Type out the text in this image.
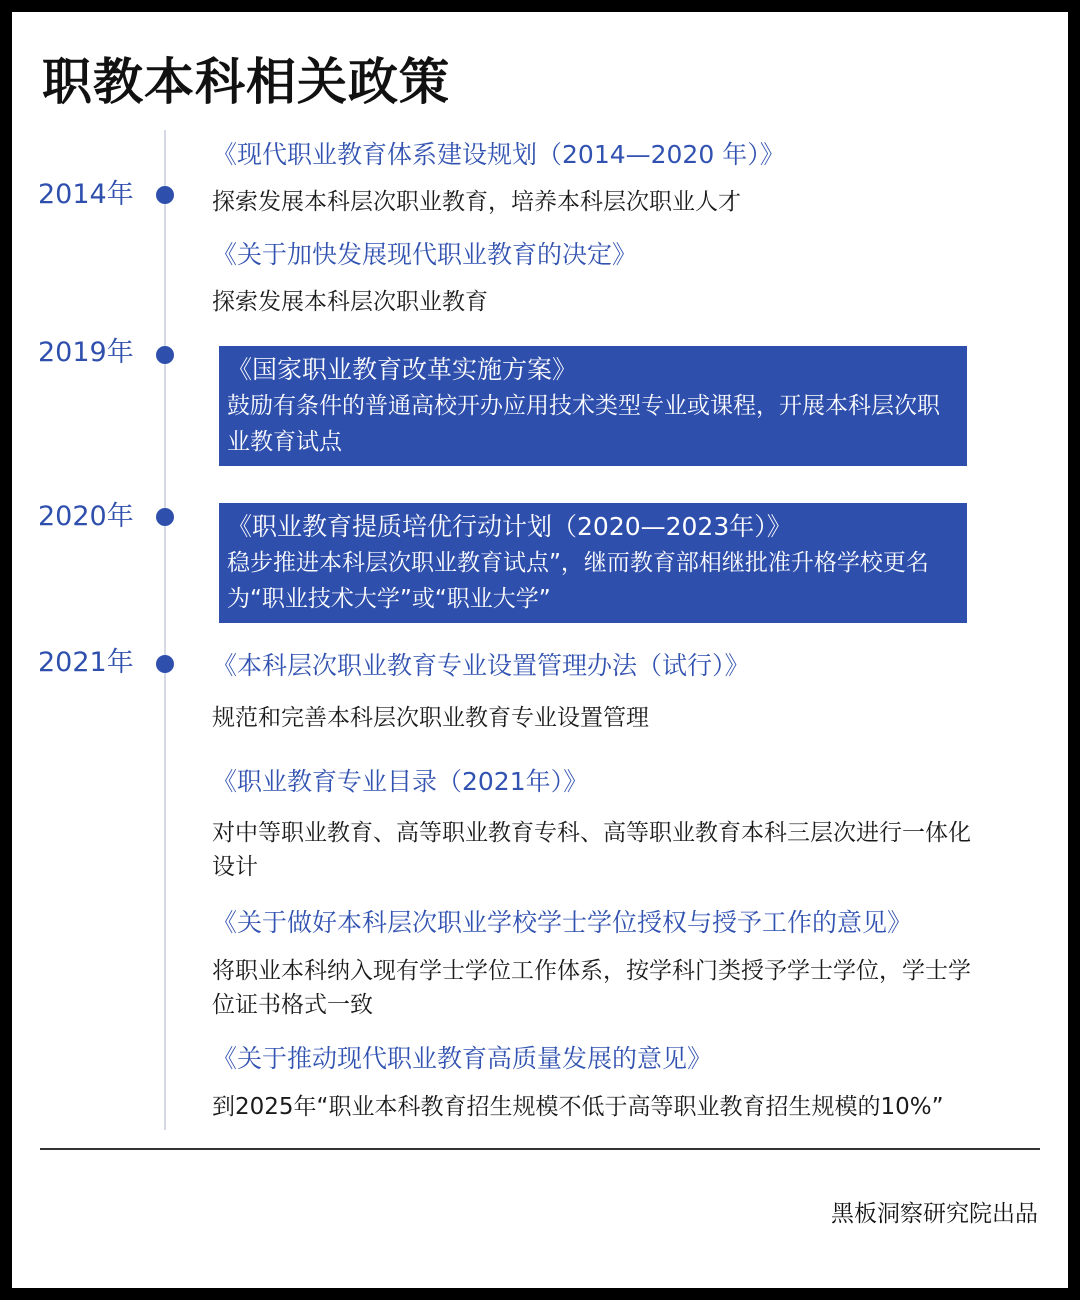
职教本科相关政策
2014年
2019年
2020年
2021年
《现代职业教育体系建设规划（2014—2020 年）》
探索发展本科层次职业教育，培养本科层次职业人才
《关于加快发展现代职业教育的决定》
探索发展本科层次职业教育
《国家职业教育改革实施方案》
鼓励有条件的普通高校开办应用技术类型专业或课程，开展本科层次职业教育试点
《职业教育提质培优行动计划（2020—2023年）》
稳步推进本科层次职业教育试点”，继而教育部相继批准升格学校更名为“职业技术大学”或“职业大学”
《本科层次职业教育专业设置管理办法（试行）》
规范和完善本科层次职业教育专业设置管理
《职业教育专业目录（2021年）》
对中等职业教育、高等职业教育专科、高等职业教育本科三层次进行一体化设计
《关于做好本科层次职业学校学士学位授权与授予工作的意见》
将职业本科纳入现有学士学位工作体系，按学科门类授予学士学位，学士学位证书格式一致
《关于推动现代职业教育高质量发展的意见》
到2025年“职业本科教育招生规模不低于高等职业教育招生规模的10%”
黑板洞察研究院出品
